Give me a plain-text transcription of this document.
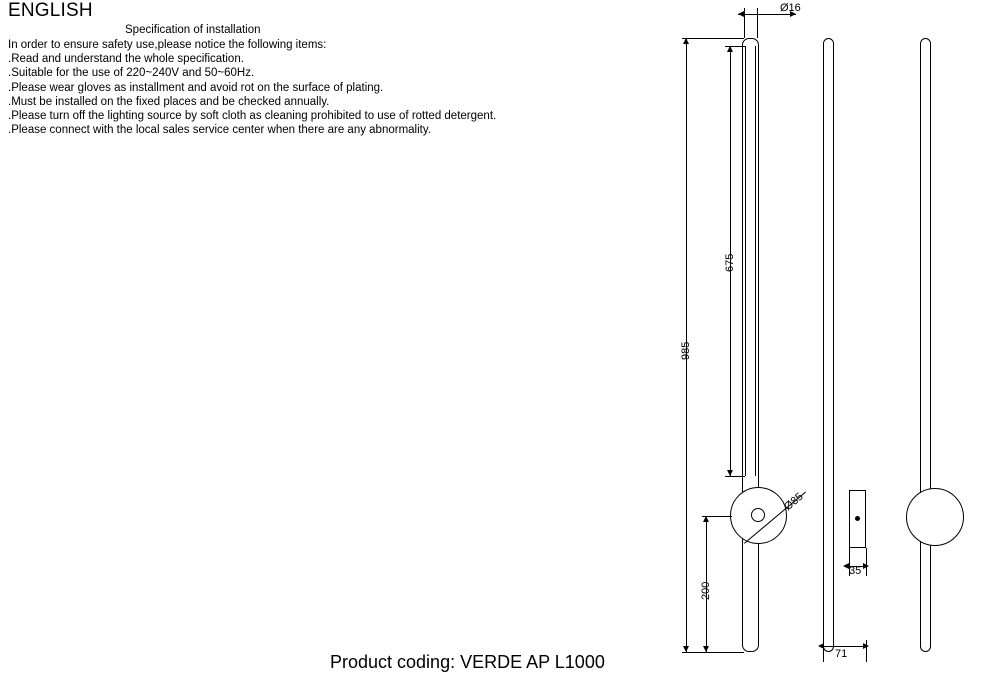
ENGLISH
Specification of installation
In order to ensure safety use,please notice the following items:
.Read and understand the whole specification.
.Suitable for the use of 220~240V and 50~60Hz.
.Please wear gloves as installment and avoid rot on the surface of plating.
.Must be installed on the fixed places and be checked annually.
.Please turn off the lighting source by soft cloth as cleaning prohibited to use of rotted detergent.
.Please connect with the local sales service center when there are any abnormality.
Product coding: VERDE AP L1000
Ø16
Ø85
675
985
200
35
71
